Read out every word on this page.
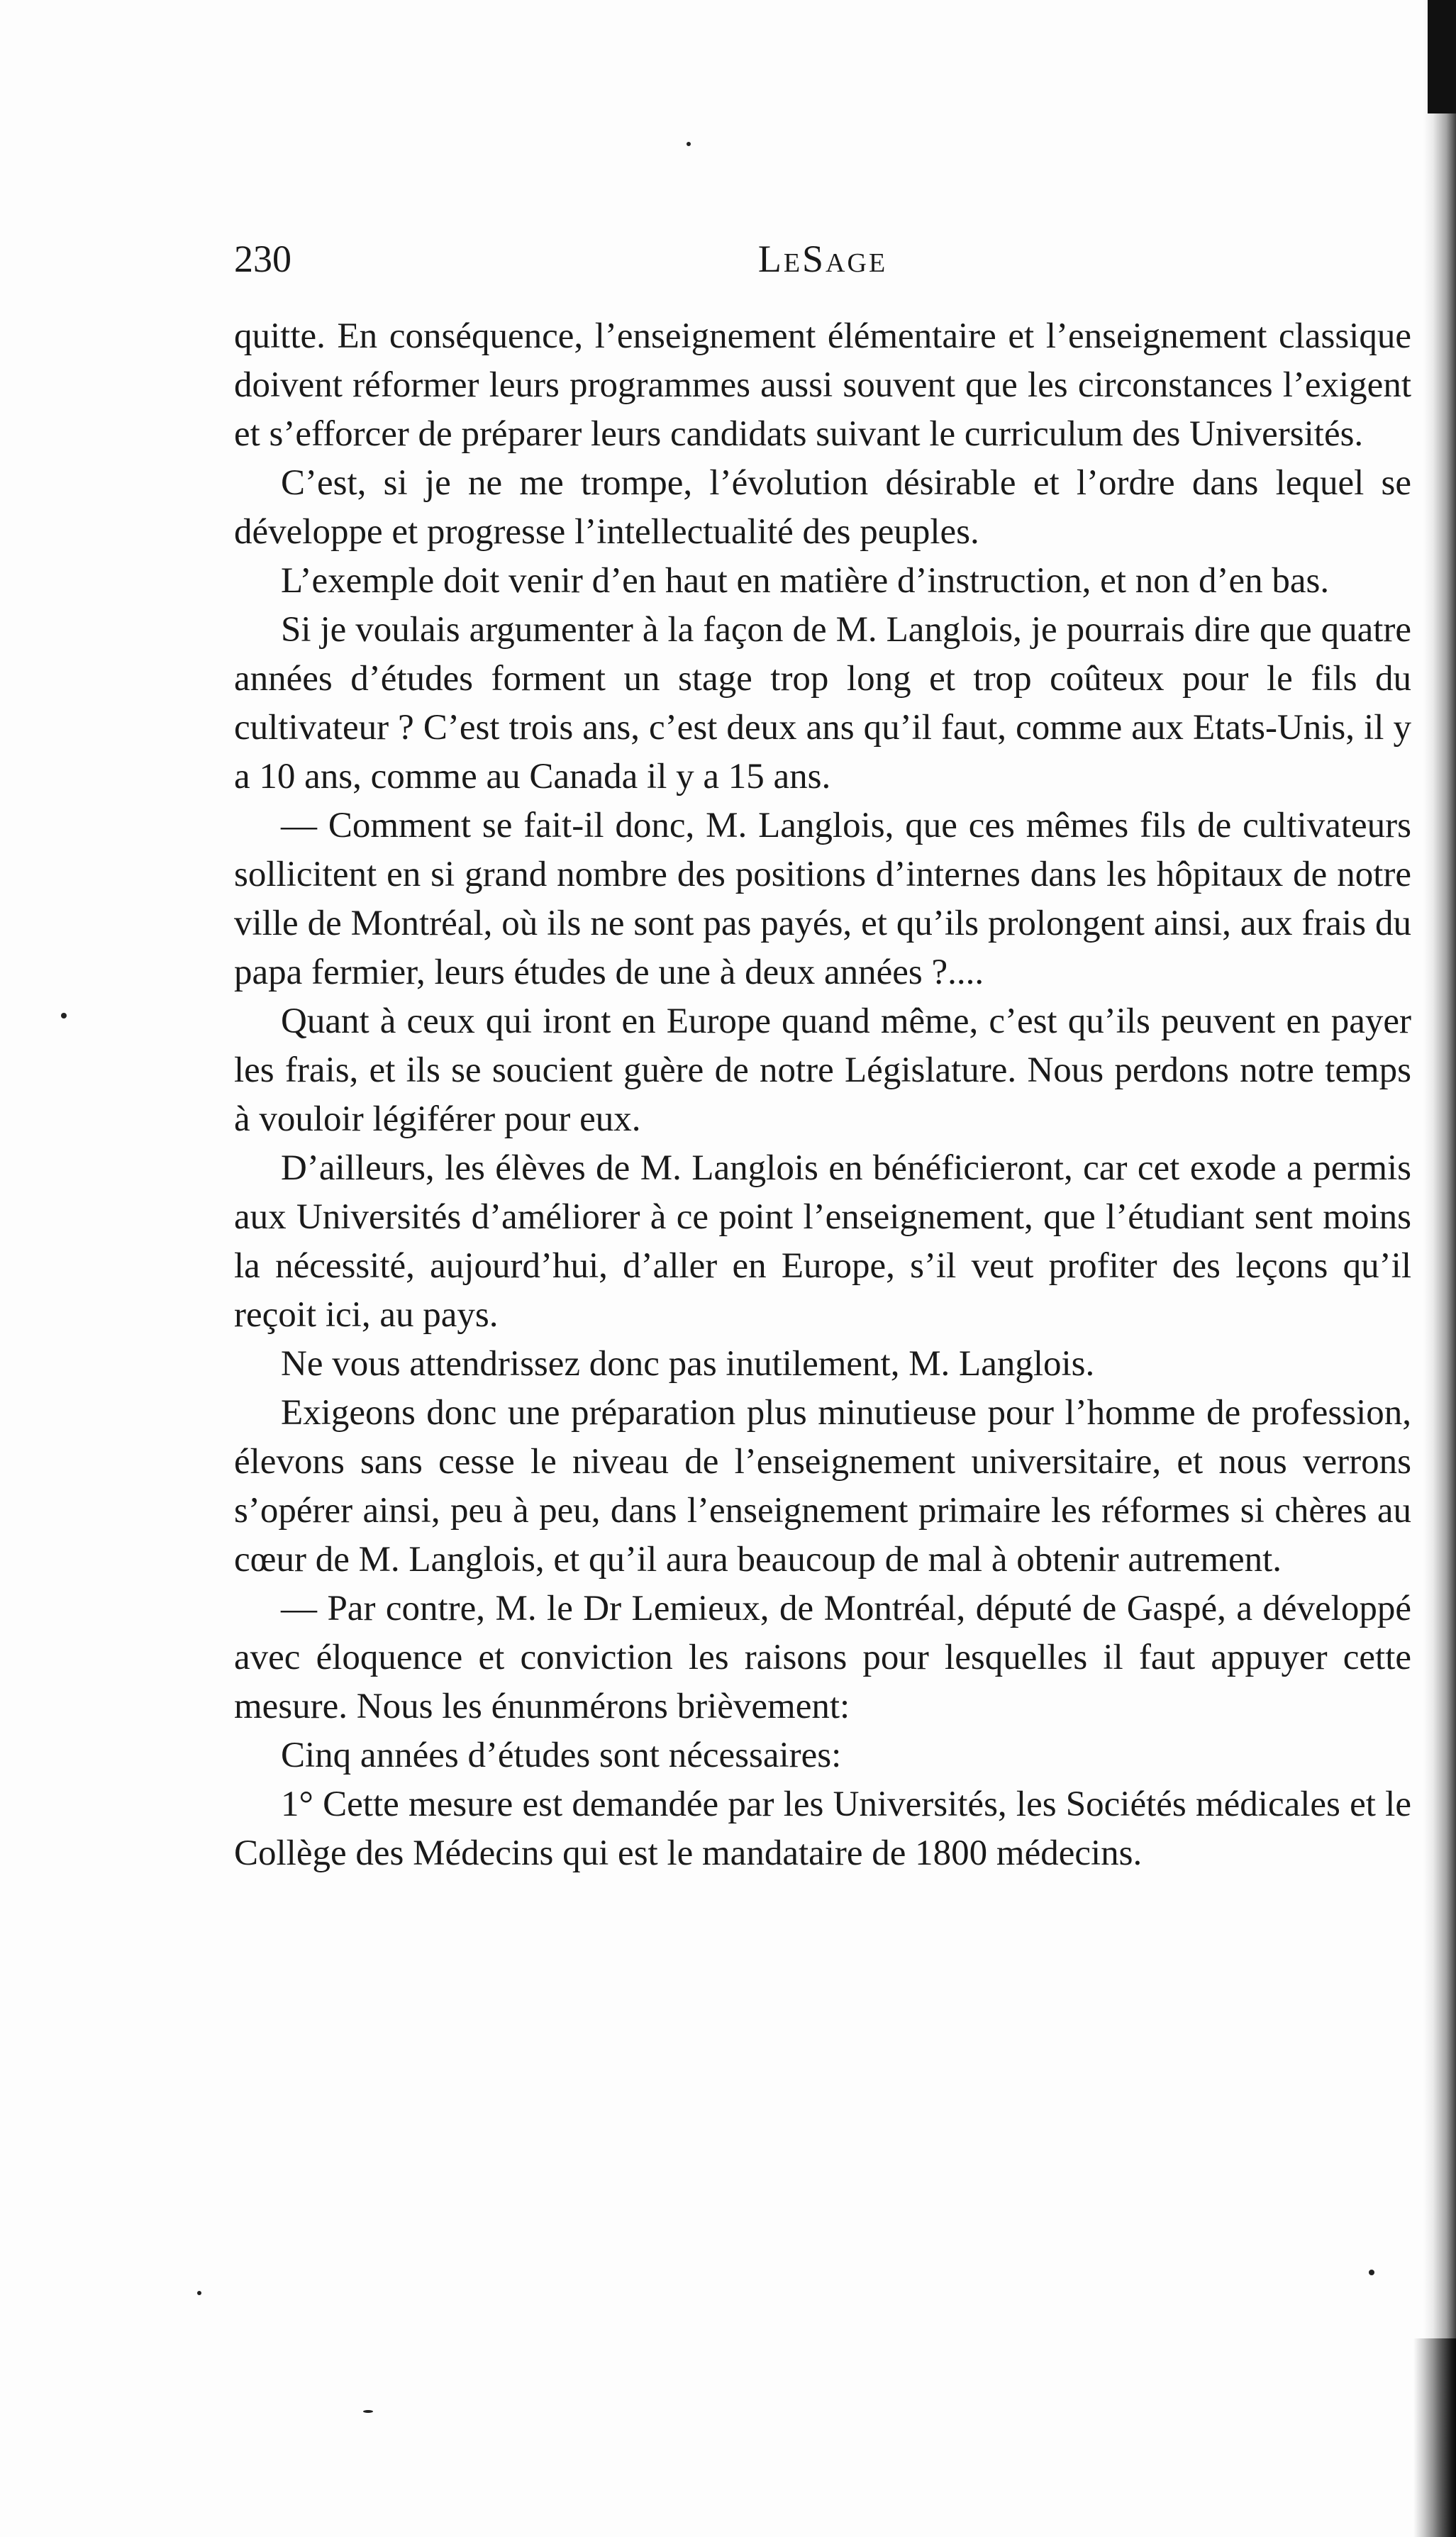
230	LeSage

quitte. En conséquence, l’enseignement élémentaire et l’enseignement classique doivent réformer leurs programmes aussi souvent que les circonstances l’exigent et s’efforcer de préparer leurs candidats suivant le curriculum des Universités.

C’est, si je ne me trompe, l’évolution désirable et l’ordre dans lequel se développe et progresse l’intellectualité des peuples.

L’exemple doit venir d’en haut en matière d’instruction, et non d’en bas.

Si je voulais argumenter à la façon de M. Langlois, je pourrais dire que quatre années d’études forment un stage trop long et trop coûteux pour le fils du cultivateur ? C’est trois ans, c’est deux ans qu’il faut, comme aux Etats-Unis, il y a 10 ans, comme au Canada il y a 15 ans.

— Comment se fait-il donc, M. Langlois, que ces mêmes fils de cultivateurs sollicitent en si grand nombre des positions d’internes dans les hôpitaux de notre ville de Montréal, où ils ne sont pas payés, et qu’ils prolongent ainsi, aux frais du papa fermier, leurs études de une à deux années ?....

Quant à ceux qui iront en Europe quand même, c’est qu’ils peuvent en payer les frais, et ils se soucient guère de notre Législature. Nous perdons notre temps à vouloir légiférer pour eux.

D’ailleurs, les élèves de M. Langlois en bénéficieront, car cet exode a permis aux Universités d’améliorer à ce point l’enseignement, que l’étudiant sent moins la nécessité, aujourd’hui, d’aller en Europe, s’il veut profiter des leçons qu’il reçoit ici, au pays.

Ne vous attendrissez donc pas inutilement, M. Langlois.

Exigeons donc une préparation plus minutieuse pour l’homme de profession, élevons sans cesse le niveau de l’enseignement universitaire, et nous verrons s’opérer ainsi, peu à peu, dans l’enseignement primaire les réformes si chères au cœur de M. Langlois, et qu’il aura beaucoup de mal à obtenir autrement.

— Par contre, M. le Dr Lemieux, de Montréal, député de Gaspé, a développé avec éloquence et conviction les raisons pour lesquelles il faut appuyer cette mesure. Nous les énunmérons brièvement:

Cinq années d’études sont nécessaires:

1° Cette mesure est demandée par les Universités, les Sociétés médicales et le Collège des Médecins qui est le mandataire de 1800 médecins.
